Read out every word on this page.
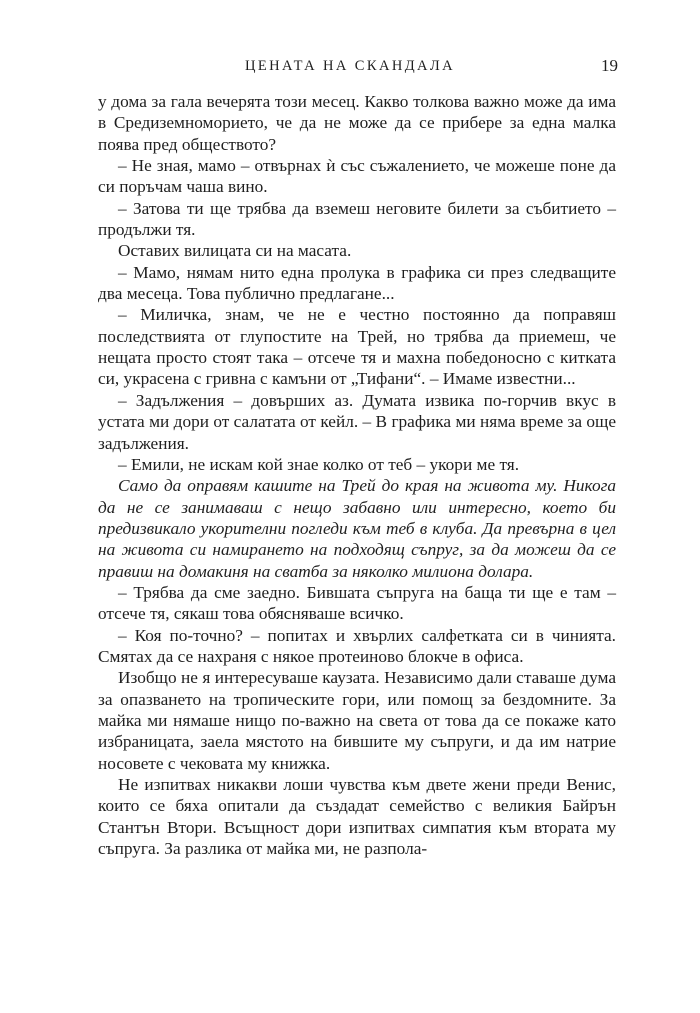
ЦЕНАТА НА СКАНДАЛА	19

у дома за гала вечерята този месец. Какво толкова важно може да има в Средиземноморието, че да не може да се прибере за една малка поява пред обществото?

– Не зная, мамо – отвърнах ѝ със съжалението, че можеше поне да си поръчам чаша вино.

– Затова ти ще трябва да вземеш неговите билети за събитието – продължи тя.

Оставих вилицата си на масата.

– Мамо, нямам нито една пролука в графика си през следващите два месеца. Това публично предлагане...

– Миличка, знам, че не е честно постоянно да поправяш последствията от глупостите на Трей, но трябва да приемеш, че нещата просто стоят така – отсече тя и махна победоносно с китката си, украсена с гривна с камъни от „Тифани“. – Имаме известни...

– Задължения – довърших аз. Думата извика по-горчив вкус в устата ми дори от салатата от кейл. – В графика ми няма време за още задължения.

– Емили, не искам кой знае колко от теб – укори ме тя.

Само да оправям кашите на Трей до края на живота му. Никога да не се занимаваш с нещо забавно или интересно, което би предизвикало укорителни погледи към теб в клуба. Да превърна в цел на живота си намирането на подходящ съпруг, за да можеш да се правиш на домакиня на сватба за няколко милиона долара.

– Трябва да сме заедно. Бившата съпруга на баща ти ще е там – отсече тя, сякаш това обясняваше всичко.

– Коя по-точно? – попитах и хвърлих салфетката си в чинията. Смятах да се нахраня с някое протеиново блокче в офиса.

Изобщо не я интересуваше каузата. Независимо дали ставаше дума за опазването на тропическите гори, или помощ за бездомните. За майка ми нямаше нищо по-важно на света от това да се покаже като избраницата, заела мястото на бившите му съпруги, и да им натрие носовете с чековата му книжка.

Не изпитвах никакви лоши чувства към двете жени преди Венис, които се бяха опитали да създадат семейство с великия Байрън Стантън Втори. Всъщност дори изпитвах симпатия към втората му съпруга. За разлика от майка ми, не разпола-
